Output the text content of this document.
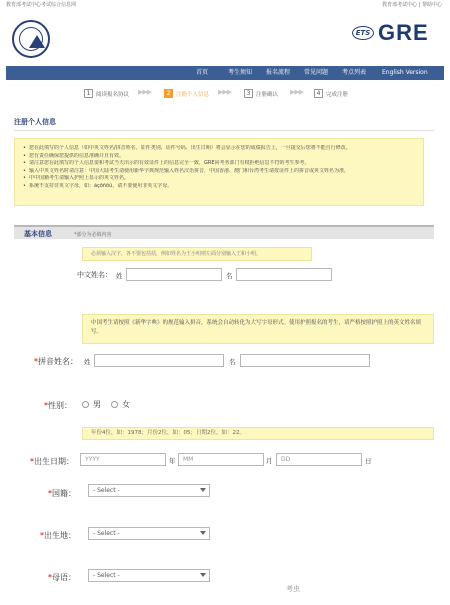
教育部考试中心考试综合信息网	教育部考试中心 | 帮助中心
ETS GRE
首页	考生须知 报名流程 常见问题 考点列表	English Version
1	阅读报名协议 ▶▶▶	2	注册个人信息 ▶▶▶	3	注册确认 ▶▶▶	4	完成注册
注册个人信息
• 您在此填写的个人信息（如中英文姓名/拼音姓名、证件类别、证件号码、出生日期）将会显示在您的成绩报告上，一旦提交后您将不能自行修改。
• 您有责任确保您提供的信息准确并且有效。
• 请注意您在此填写的个人信息要和考试当天出示的有效证件上的信息完全一致，GRE同考务部门有权拒绝信息不符的考生参考。
• 输入中英文姓名时请注意：中国大陆考生请使用新华字典规范输入姓名汉语拼音，中国香港、澳门和台湾考生请按证件上的拼音或英文姓名为准，
• 中中国籍考生请输入护照上显示的英文姓名。
• 系统不支持非英文字母，如：áçõñöü，请不要使用非英文字母。
基本信息	*部分为必填内容
必须输入汉字，各不要包括括，例如姓名为王小明则左面分别输入王和小明。
中文姓名： 姓	名
中国考生请按照《新华字典》的规范输入拼音，系统会自动转化为大写字母形式。使用护照报名的考生，请严格按照护照上的英文姓名填写。
*拼音姓名： 姓	名
*性别：	男	女
年份4位，如：1978；月份2位，如：05；日期2位，如：22。
*出生日期：	YYYY	年	MM	月	DD	日
*国籍：	- Select -
*出生地：	- Select -
*母语：	- Select -
考虫
